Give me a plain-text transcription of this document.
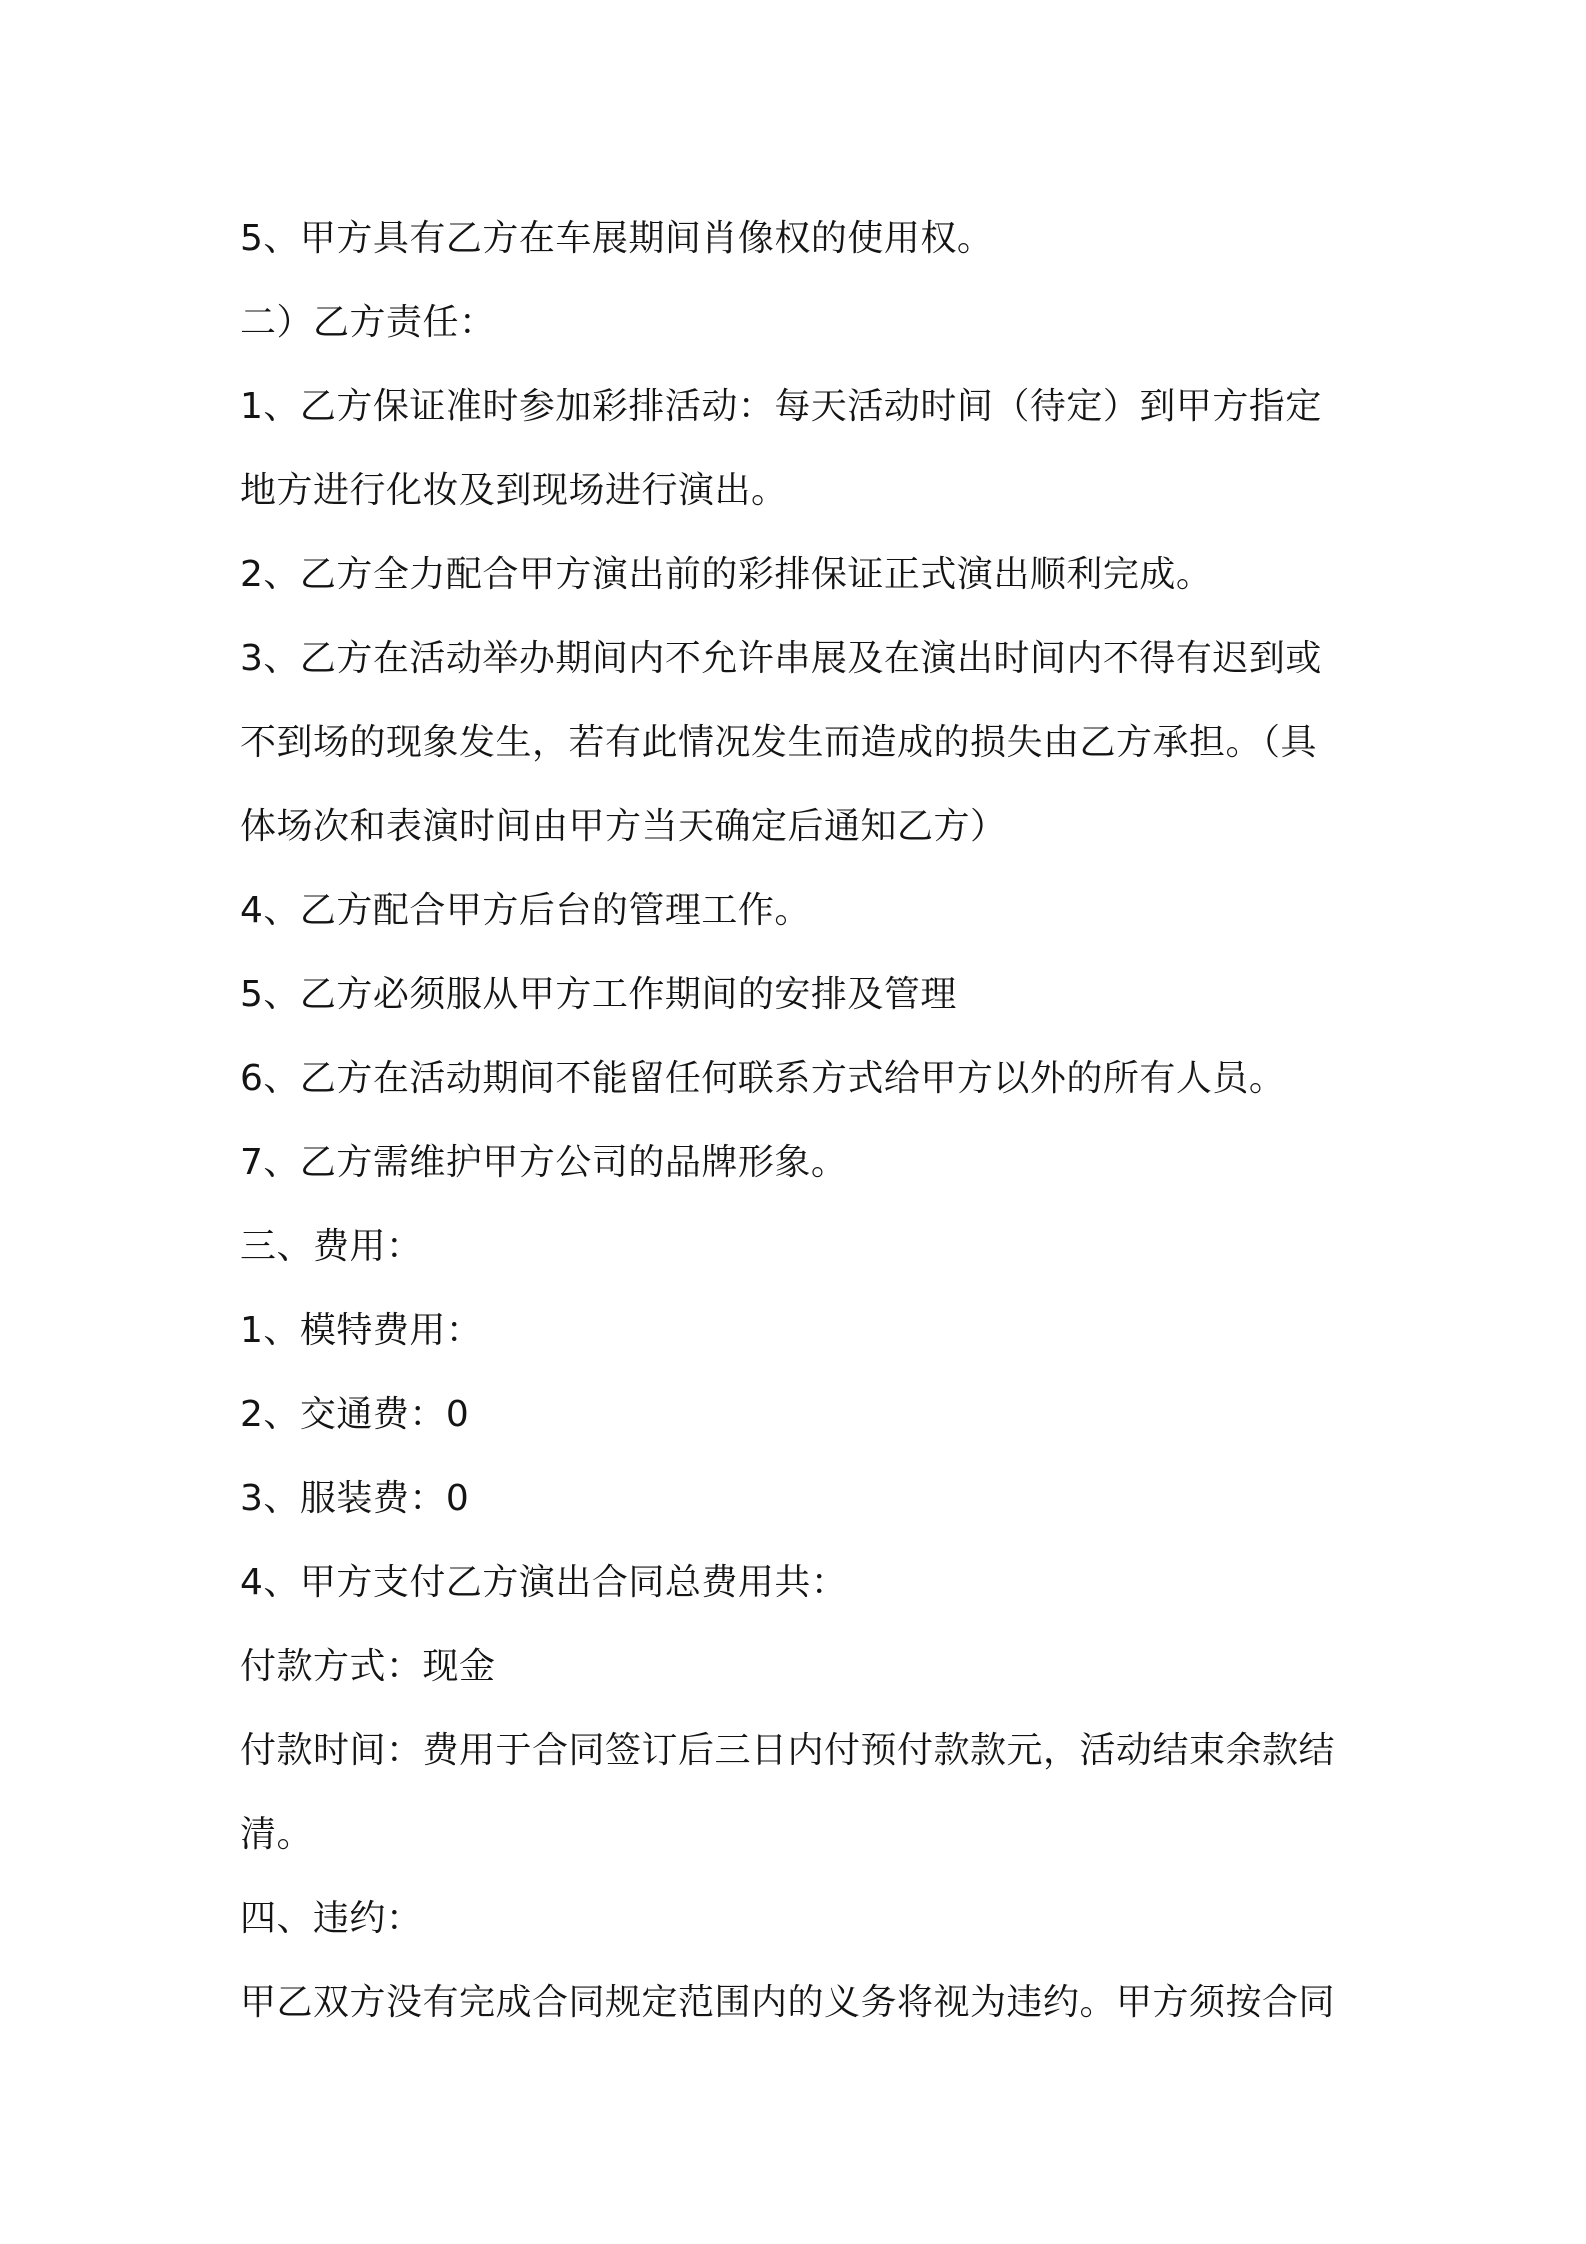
5、甲方具有乙方在车展期间肖像权的使用权。
二）乙方责任：
1、乙方保证准时参加彩排活动：每天活动时间（待定）到甲方指定
地方进行化妆及到现场进行演出。
2、乙方全力配合甲方演出前的彩排保证正式演出顺利完成。
3、乙方在活动举办期间内不允许串展及在演出时间内不得有迟到或
不到场的现象发生，若有此情况发生而造成的损失由乙方承担。（具
体场次和表演时间由甲方当天确定后通知乙方）
4、乙方配合甲方后台的管理工作。
5、乙方必须服从甲方工作期间的安排及管理
6、乙方在活动期间不能留任何联系方式给甲方以外的所有人员。
7、乙方需维护甲方公司的品牌形象。
三、费用：
1、模特费用：
2、交通费：0
3、服装费：0
4、甲方支付乙方演出合同总费用共：
付款方式：现金
付款时间：费用于合同签订后三日内付预付款款元，活动结束余款结
清。
四、违约：
甲乙双方没有完成合同规定范围内的义务将视为违约。甲方须按合同
